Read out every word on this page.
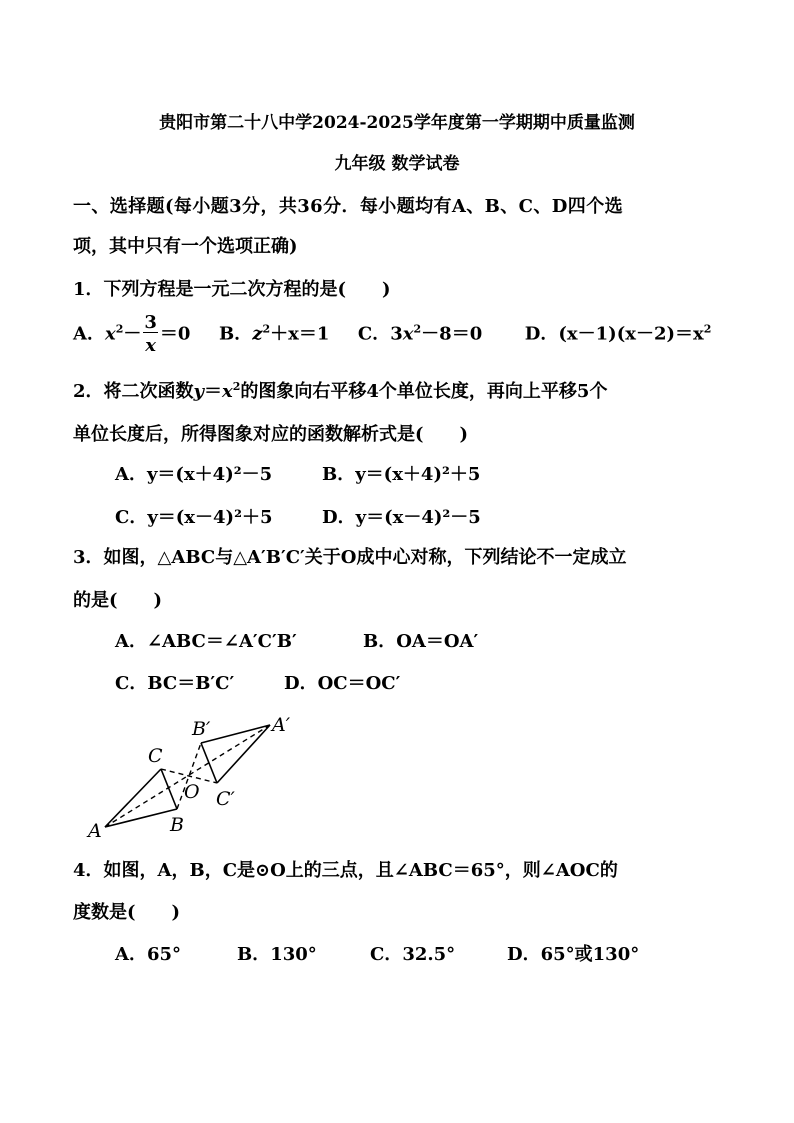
贵阳市第二十八中学2024-2025学年度第一学期期中质量监测
九年级 数学试卷
一、选择题(每小题3分，共36分．每小题均有A、B、C、D四个选
项，其中只有一个选项正确)
1．下列方程是一元二次方程的是(　　)
A．$x^2- \frac{3}{x} =0$ B．$z^2+x=1$ C．$3x^2-8=0$ D．$(x-1)(x-2)=x^2$
2．将二次函数$y=x^2$的图象向右平移4个单位长度，再向上平移5个
单位长度后，所得图象对应的函数解析式是(　　)
A．y＝(x＋4)²－5	B．y＝(x＋4)²＋5
C．y＝(x－4)²＋5	D．y＝(x－4)²－5
3．如图，△ABC与△A′B′C′关于O成中心对称，下列结论不一定成立
的是(　　)
A．∠ABC＝∠A′C′B′	B．OA＝OA′
C．BC＝B′C′	D．OC＝OC′
C
A	B
O
B′	A′
C′
4．如图，A，B，C是⊙O上的三点，且∠ABC＝65°，则∠AOC的
度数是(　　)
A．65°	B．130°	C．32.5°	D．65°或130°
